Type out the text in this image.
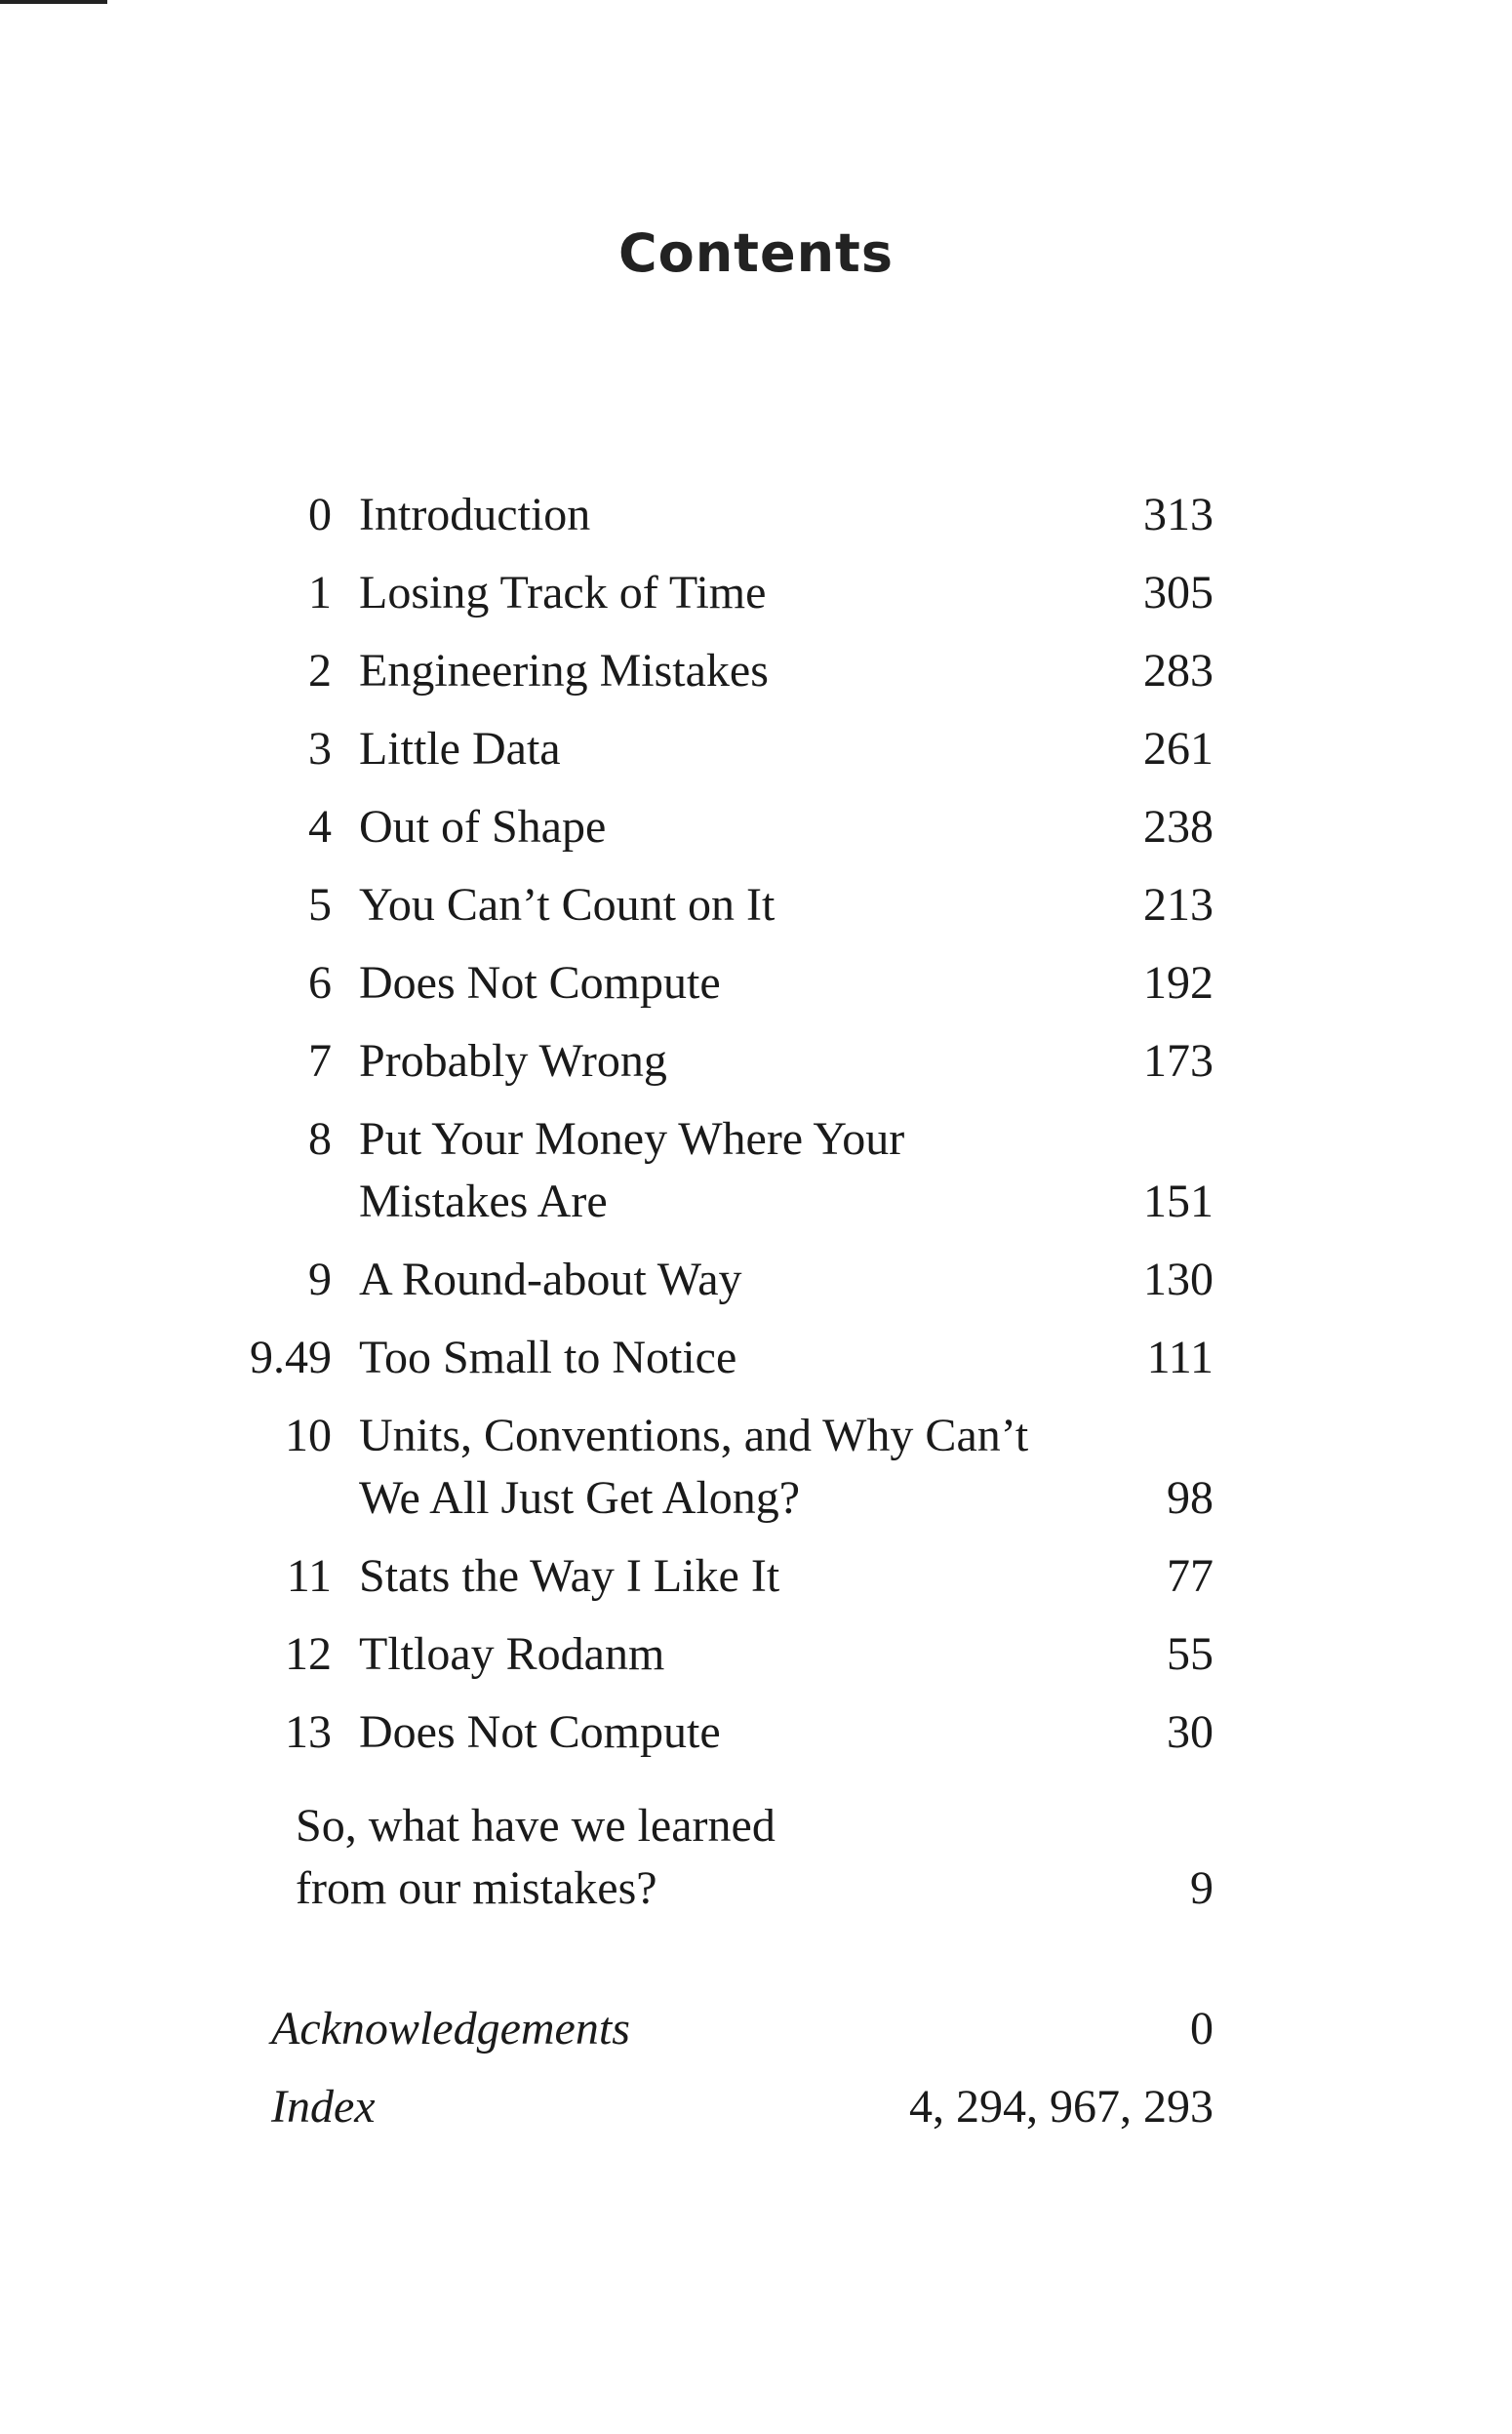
Contents
0 Introduction	313
1 Losing Track of Time	305
2 Engineering Mistakes	283
3 Little Data	261
4 Out of Shape	238
5 You Can’t Count on It	213
6 Does Not Compute	192
7 Probably Wrong	173
8 Put Your Money Where Your
Mistakes Are	151
9 A Round-about Way	130
9.49 Too Small to Notice	111
10 Units, Conventions, and Why Can’t
We All Just Get Along?	98
11 Stats the Way I Like It	77
12 Tltloay Rodanm	55
13 Does Not Compute	30
So, what have we learned
from our mistakes?	9
Acknowledgements	0
Index	4, 294, 967, 293
